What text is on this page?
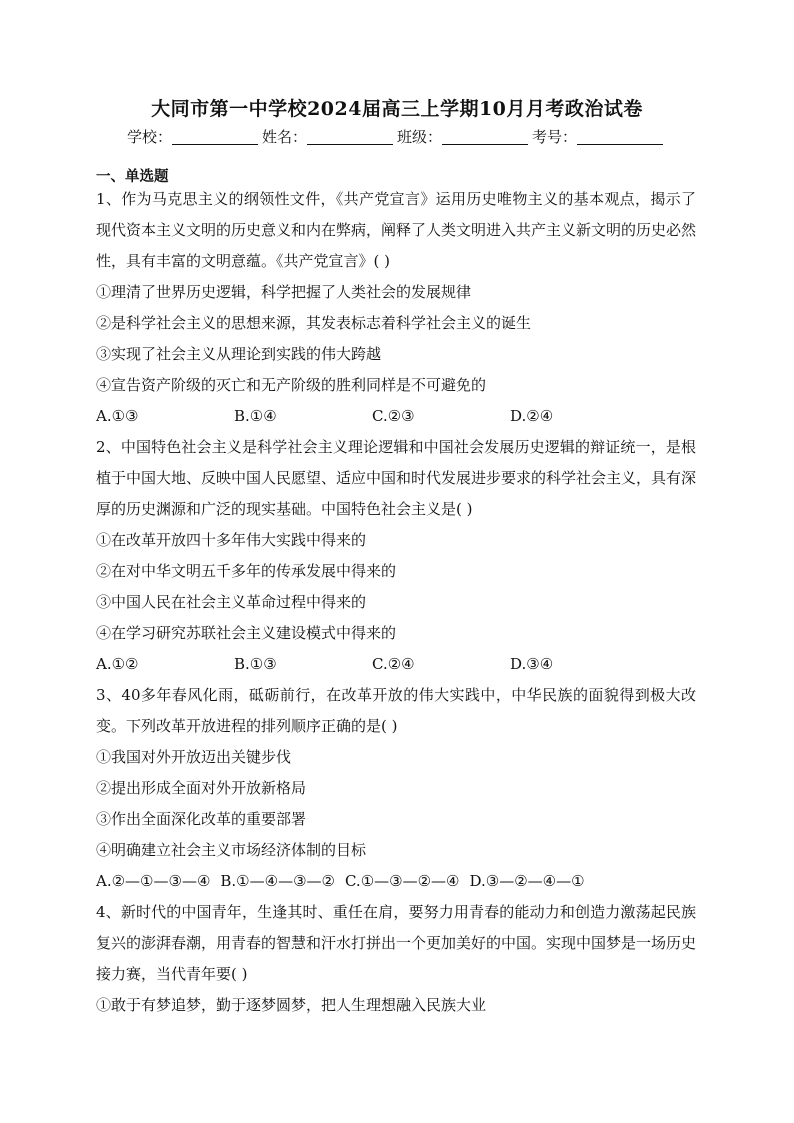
大同市第一中学校2024届高三上学期10月月考政治试卷
学校：	姓名：	班级：	考号：
一、单选题

1、作为马克思主义的纲领性文件，《共产党宣言》运用历史唯物主义的基本观点，揭示了现代资本主义文明的历史意义和内在弊病，阐释了人类文明进入共产主义新文明的历史必然性，具有丰富的文明意蕴。《共产党宣言》( )

①理清了世界历史逻辑，科学把握了人类社会的发展规律

②是科学社会主义的思想来源，其发表标志着科学社会主义的诞生

③实现了社会主义从理论到实践的伟大跨越

④宣告资产阶级的灭亡和无产阶级的胜利同样是不可避免的

A.①③	B.①④	C.②③	D.②④

2、中国特色社会主义是科学社会主义理论逻辑和中国社会发展历史逻辑的辩证统一，是根植于中国大地、反映中国人民愿望、适应中国和时代发展进步要求的科学社会主义，具有深厚的历史渊源和广泛的现实基础。中国特色社会主义是( )

①在改革开放四十多年伟大实践中得来的

②在对中华文明五千多年的传承发展中得来的

③中国人民在社会主义革命过程中得来的

④在学习研究苏联社会主义建设模式中得来的

A.①②	B.①③	C.②④	D.③④

3、40多年春风化雨，砥砺前行，在改革开放的伟大实践中，中华民族的面貌得到极大改变。下列改革开放进程的排列顺序正确的是( )

①我国对外开放迈出关键步伐

②提出形成全面对外开放新格局

③作出全面深化改革的重要部署

④明确建立社会主义市场经济体制的目标

A.②—①—③—④ B.①—④—③—② C.①—③—②—④ D.③—②—④—①

4、新时代的中国青年，生逢其时、重任在肩，要努力用青春的能动力和创造力激荡起民族复兴的澎湃春潮，用青春的智慧和汗水打拼出一个更加美好的中国。实现中国梦是一场历史接力赛，当代青年要( )

①敢于有梦追梦，勤于逐梦圆梦，把人生理想融入民族大业
